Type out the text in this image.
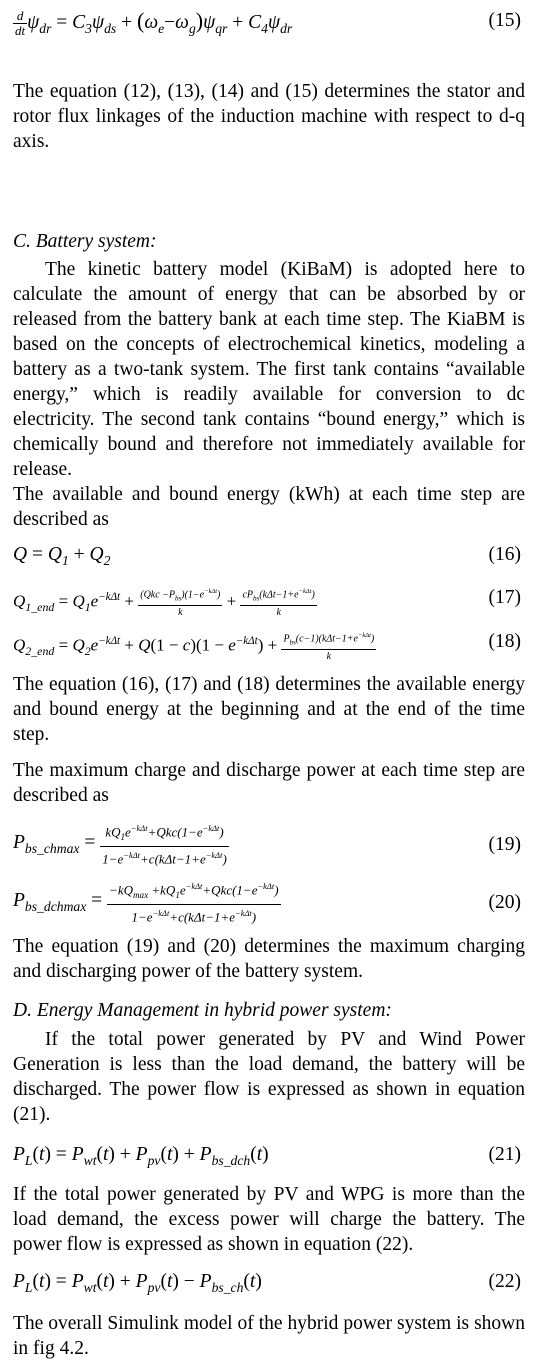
$\frac{d}{dt} \psi_{dr} = C_3\psi_{ds} + (\omega_e-\omega_g)\psi_{qr} + C_4\psi_{dr}$	(15)

The equation (12), (13), (14) and (15) determines the stator and rotor flux linkages of the induction machine with respect to d-q axis.

C. Battery system:

The kinetic battery model (KiBaM) is adopted here to calculate the amount of energy that can be absorbed by or released from the battery bank at each time step. The KiaBM is based on the concepts of electrochemical kinetics, modeling a battery as a two-tank system. The first tank contains “available energy,” which is readily available for conversion to dc electricity. The second tank contains “bound energy,” which is chemically bound and therefore not immediately available for release.

The available and bound energy (kWh) at each time step are described as

$Q = Q_1 + Q_2$	(16)
$Q_{1\_end} = Q_1e^{-k\Delta t} + \frac{(Qkc -P_{bs})(1-e^{-k\Delta t})}{k} + \frac{cP_{bs}(k\Delta t-1+e^{-k\Delta t})}{k}$	(17)
$Q_{2\_end} = Q_2e^{-k\Delta t} + Q(1 - c)(1 - e^{-k\Delta t}) + \frac{P_{bs}(c-1)(k\Delta t-1+e^{-k\Delta t})}{k}$	(18)

The equation (16), (17) and (18) determines the available energy and bound energy at the beginning and at the end of the time step.

The maximum charge and discharge power at each time step are described as

$P_{bs\_chmax} = \frac{kQ_1e^{-k\Delta t}+Qkc(1-e^{-k\Delta t})}{1-e^{-k\Delta t}+c(k\Delta t-1+e^{-k\Delta t})}$	(19)
$P_{bs\_dchmax} = \frac{-kQ_{max} +kQ_1e^{-k\Delta t}+Qkc(1-e^{-k\Delta t})}{1-e^{-k\Delta t}+c(k\Delta t-1+e^{-k\Delta t})}$	(20)

The equation (19) and (20) determines the maximum charging and discharging power of the battery system.

D. Energy Management in hybrid power system:

If the total power generated by PV and Wind Power Generation is less than the load demand, the battery will be discharged. The power flow is expressed as shown in equation (21).

$P_L(t) = P_{wt}(t) + P_{pv}(t) + P_{bs\_dch}(t)$	(21)

If the total power generated by PV and WPG is more than the load demand, the excess power will charge the battery. The power flow is expressed as shown in equation (22).

$P_L(t) = P_{wt}(t) + P_{pv}(t) - P_{bs\_ch}(t)$	(22)

The overall Simulink model of the hybrid power system is shown in fig 4.2.
